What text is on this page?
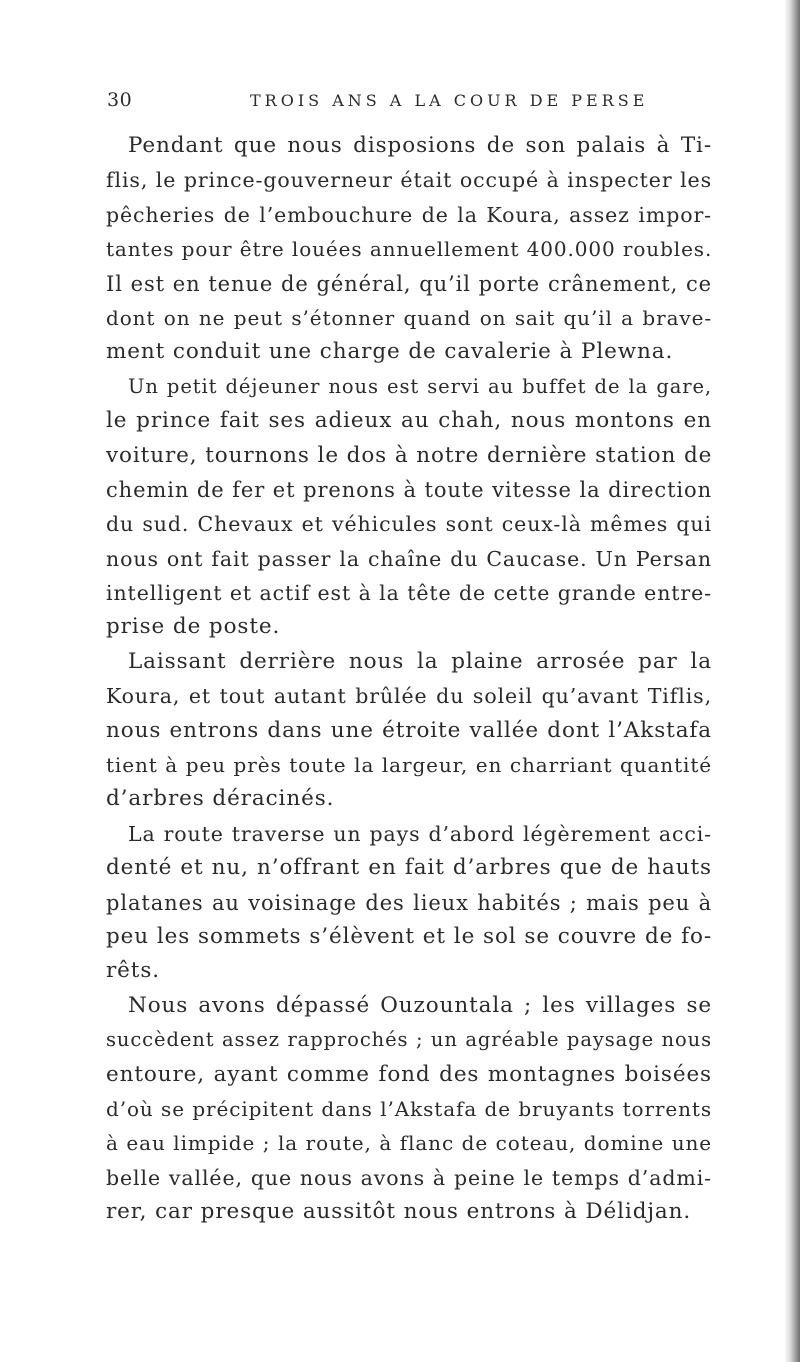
30	TROIS ANS A LA COUR DE PERSE
Pendant que nous disposions de son palais à Ti-
flis, le prince-gouverneur était occupé à inspecter les
pêcheries de l’embouchure de la Koura, assez impor-
tantes pour être louées annuellement 400.000 roubles.
Il est en tenue de général, qu’il porte crânement, ce
dont on ne peut s’étonner quand on sait qu’il a brave-
ment conduit une charge de cavalerie à Plewna.
Un petit déjeuner nous est servi au buffet de la gare,
le prince fait ses adieux au chah, nous montons en
voiture, tournons le dos à notre dernière station de
chemin de fer et prenons à toute vitesse la direction
du sud. Chevaux et véhicules sont ceux-là mêmes qui
nous ont fait passer la chaîne du Caucase. Un Persan
intelligent et actif est à la tête de cette grande entre-
prise de poste.
Laissant derrière nous la plaine arrosée par la
Koura, et tout autant brûlée du soleil qu’avant Tiflis,
nous entrons dans une étroite vallée dont l’Akstafa
tient à peu près toute la largeur, en charriant quantité
d’arbres déracinés.
La route traverse un pays d’abord légèrement acci-
denté et nu, n’offrant en fait d’arbres que de hauts
platanes au voisinage des lieux habités ; mais peu à
peu les sommets s’élèvent et le sol se couvre de fo-
rêts.
Nous avons dépassé Ouzountala ; les villages se
succèdent assez rapprochés ; un agréable paysage nous
entoure, ayant comme fond des montagnes boisées
d’où se précipitent dans l’Akstafa de bruyants torrents
à eau limpide ; la route, à flanc de coteau, domine une
belle vallée, que nous avons à peine le temps d’admi-
rer, car presque aussitôt nous entrons à Délidjan.
